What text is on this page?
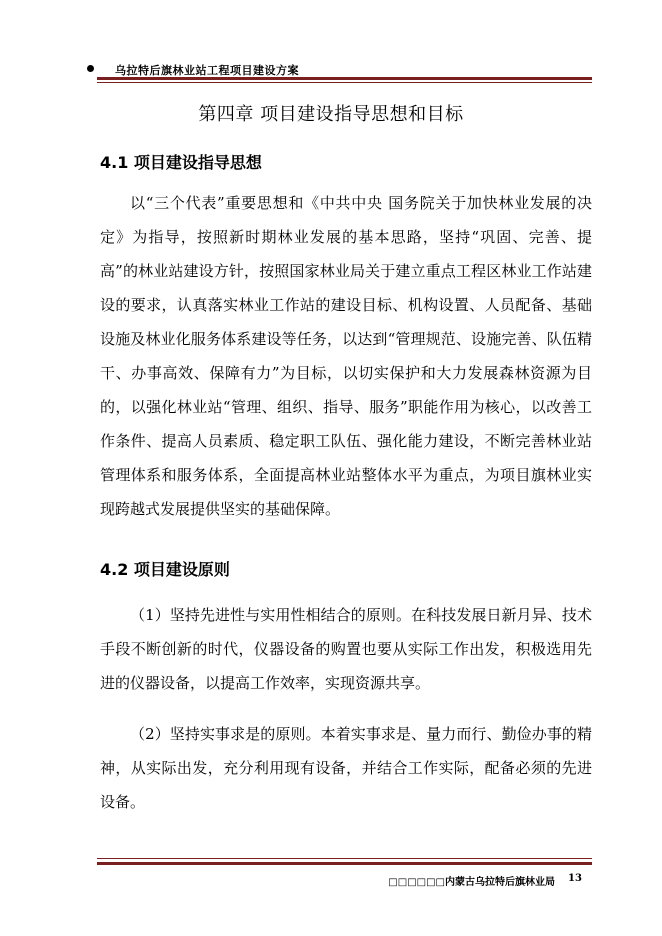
乌拉特后旗林业站工程项目建设方案
第四章 项目建设指导思想和目标
4.1 项目建设指导思想
以“三个代表”重要思想和《中共中央 国务院关于加快林业发展的决定》为指导，按照新时期林业发展的基本思路，坚持“巩固、完善、提高”的林业站建设方针，按照国家林业局关于建立重点工程区林业工作站建设的要求，认真落实林业工作站的建设目标、机构设置、人员配备、基础设施及林业化服务体系建设等任务，以达到“管理规范、设施完善、队伍精干、办事高效、保障有力”为目标，以切实保护和大力发展森林资源为目的，以强化林业站“管理、组织、指导、服务”职能作用为核心，以改善工作条件、提高人员素质、稳定职工队伍、强化能力建设，不断完善林业站管理体系和服务体系，全面提高林业站整体水平为重点，为项目旗林业实现跨越式发展提供坚实的基础保障。
4.2 项目建设原则
（1）坚持先进性与实用性相结合的原则。在科技发展日新月异、技术手段不断创新的时代，仪器设备的购置也要从实际工作出发，积极选用先进的仪器设备，以提高工作效率，实现资源共享。
（2）坚持实事求是的原则。本着实事求是、量力而行、勤俭办事的精神，从实际出发，充分利用现有设备，并结合工作实际，配备必须的先进设备。
□□□□□□内蒙古乌拉特后旗林业局 13
